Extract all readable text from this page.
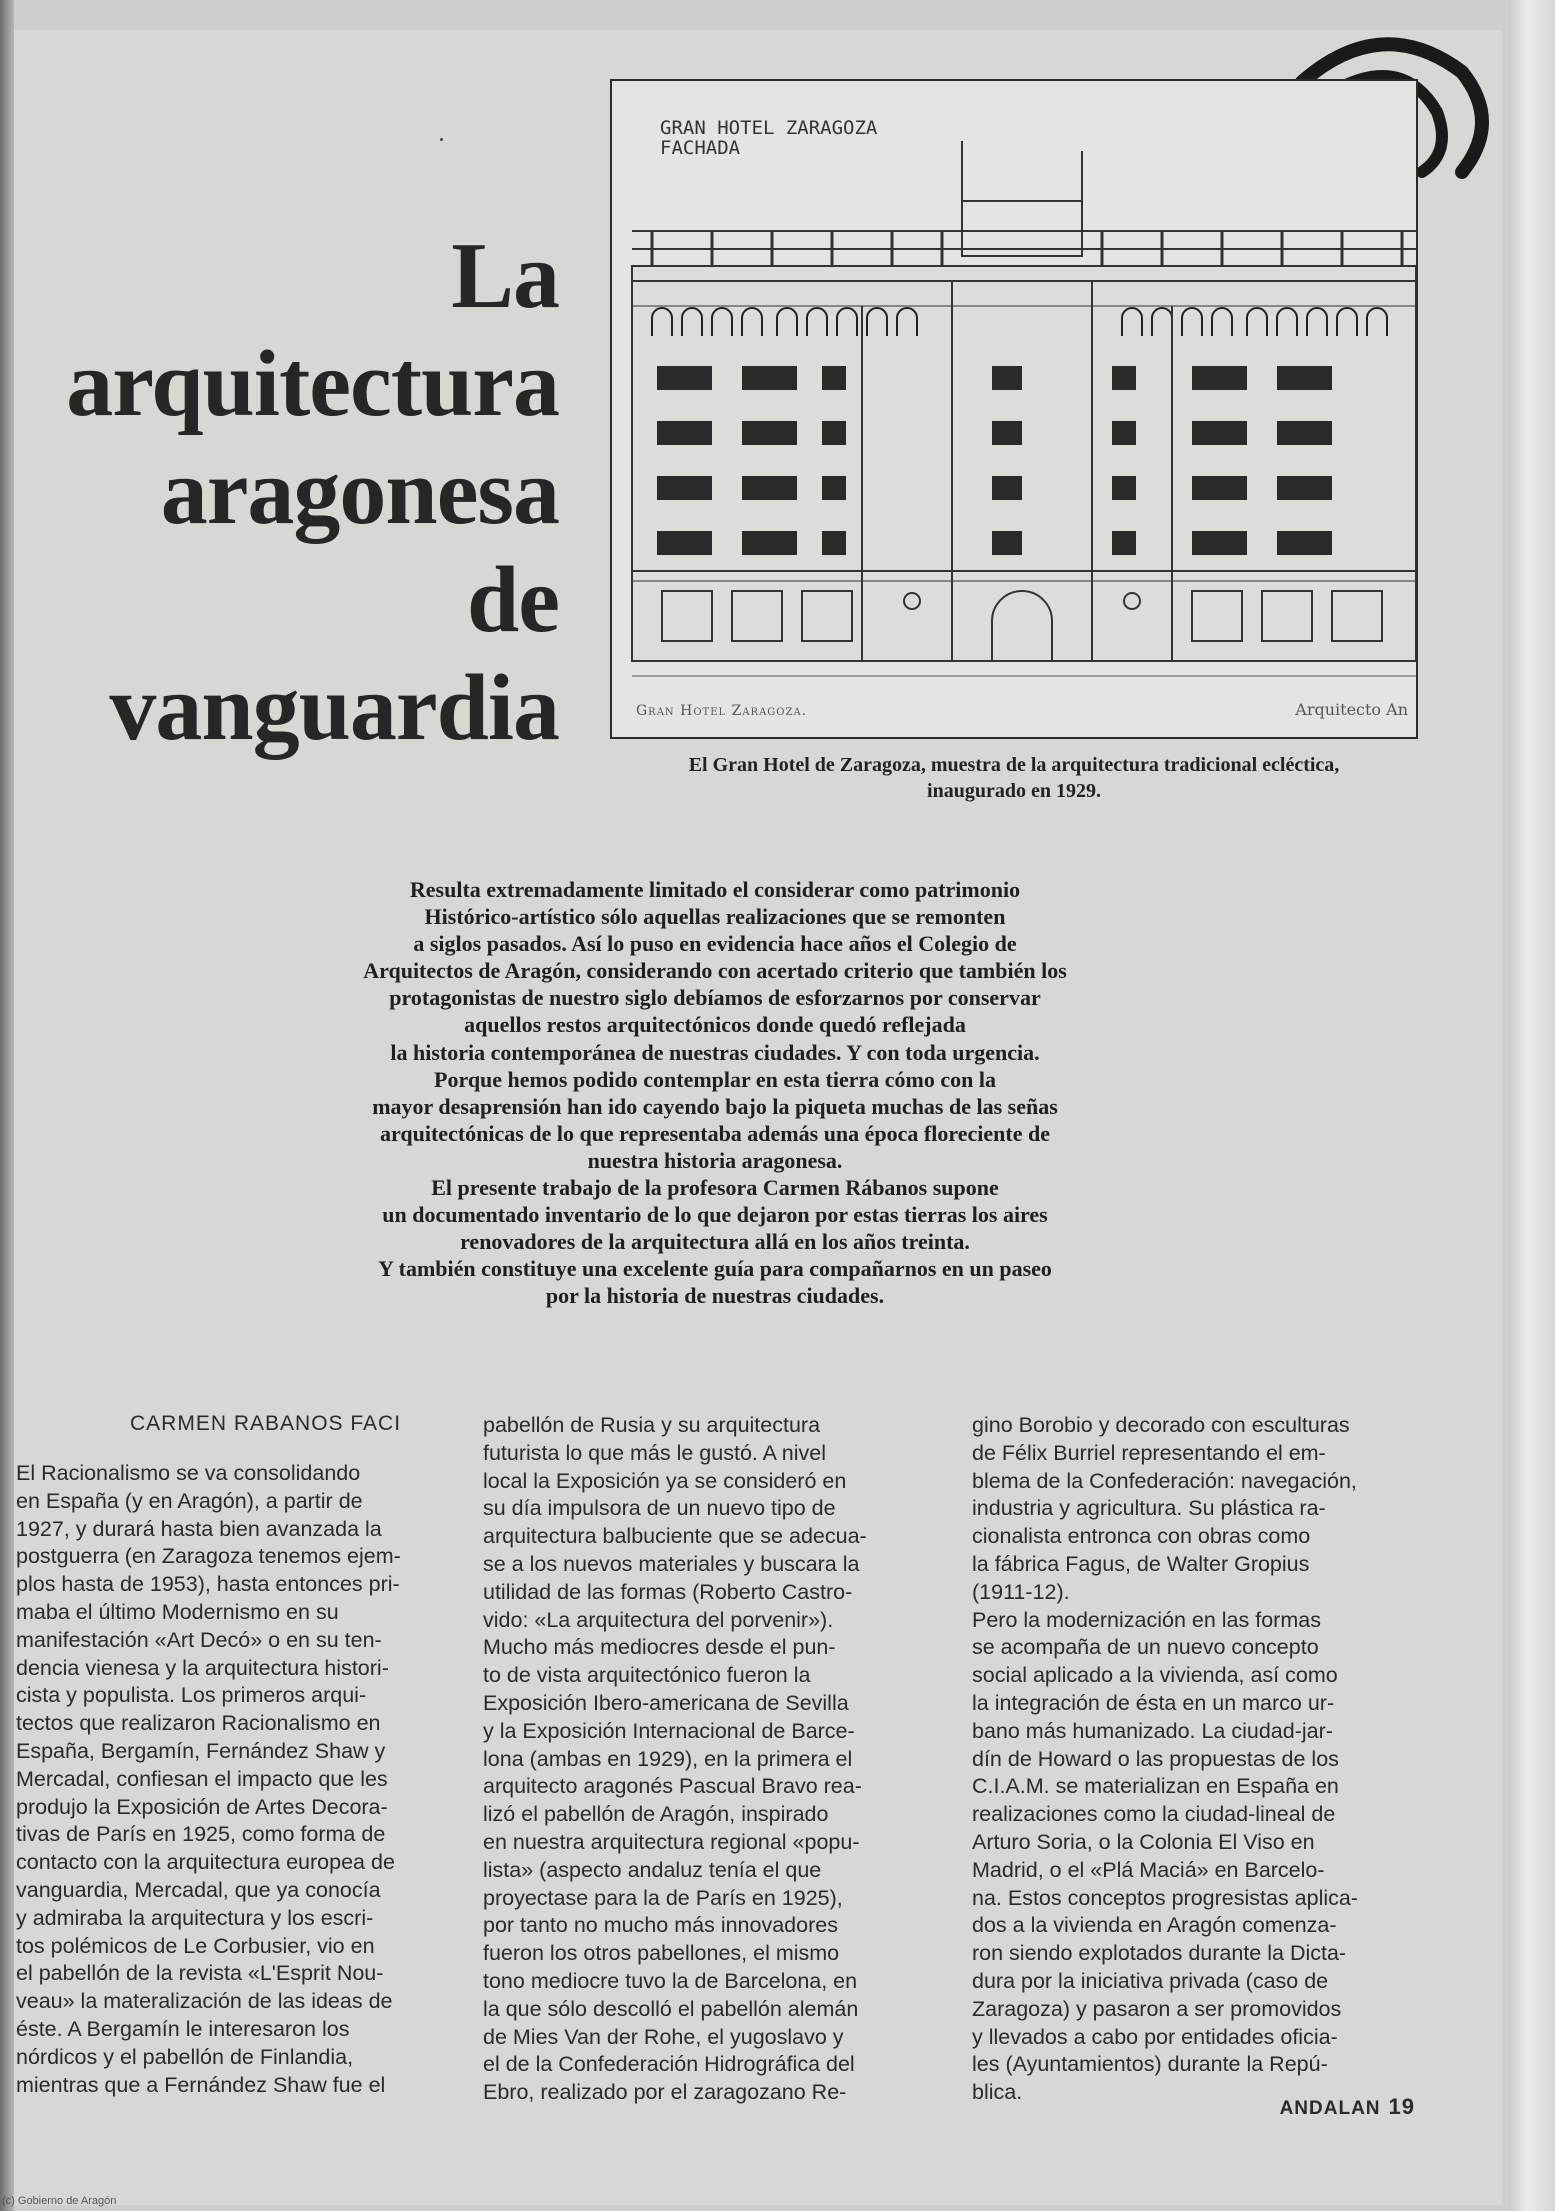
La
arquitectura
aragonesa
de
vanguardia
GRAN HOTEL ZARAGOZA
FACHADA
Gran Hotel Zaragoza.	Arquitecto An
El Gran Hotel de Zaragoza, muestra de la arquitectura tradicional ecléctica,
inaugurado en 1929.
Resulta extremadamente limitado el considerar como patrimonio
Histórico-artístico sólo aquellas realizaciones que se remonten
a siglos pasados. Así lo puso en evidencia hace años el Colegio de
Arquitectos de Aragón, considerando con acertado criterio que también los
protagonistas de nuestro siglo debíamos de esforzarnos por conservar
aquellos restos arquitectónicos donde quedó reflejada
la historia contemporánea de nuestras ciudades. Y con toda urgencia.
Porque hemos podido contemplar en esta tierra cómo con la
mayor desaprensión han ido cayendo bajo la piqueta muchas de las señas
arquitectónicas de lo que representaba además una época floreciente de
nuestra historia aragonesa.
El presente trabajo de la profesora Carmen Rábanos supone
un documentado inventario de lo que dejaron por estas tierras los aires
renovadores de la arquitectura allá en los años treinta.
Y también constituye una excelente guía para compañarnos en un paseo
por la historia de nuestras ciudades.
CARMEN RABANOS FACI
El Racionalismo se va consolidando
en España (y en Aragón), a partir de
1927, y durará hasta bien avanzada la
postguerra (en Zaragoza tenemos ejem-
plos hasta de 1953), hasta entonces pri-
maba el último Modernismo en su
manifestación «Art Decó» o en su ten-
dencia vienesa y la arquitectura histori-
cista y populista. Los primeros arqui-
tectos que realizaron Racionalismo en
España, Bergamín, Fernández Shaw y
Mercadal, confiesan el impacto que les
produjo la Exposición de Artes Decora-
tivas de París en 1925, como forma de
contacto con la arquitectura europea de
vanguardia, Mercadal, que ya conocía
y admiraba la arquitectura y los escri-
tos polémicos de Le Corbusier, vio en
el pabellón de la revista «L'Esprit Nou-
veau» la materalización de las ideas de
éste. A Bergamín le interesaron los
nórdicos y el pabellón de Finlandia,
mientras que a Fernández Shaw fue el
pabellón de Rusia y su arquitectura
futurista lo que más le gustó. A nivel
local la Exposición ya se consideró en
su día impulsora de un nuevo tipo de
arquitectura balbuciente que se adecua-
se a los nuevos materiales y buscara la
utilidad de las formas (Roberto Castro-
vido: «La arquitectura del porvenir»).
Mucho más mediocres desde el pun-
to de vista arquitectónico fueron la
Exposición Ibero-americana de Sevilla
y la Exposición Internacional de Barce-
lona (ambas en 1929), en la primera el
arquitecto aragonés Pascual Bravo rea-
lizó el pabellón de Aragón, inspirado
en nuestra arquitectura regional «popu-
lista» (aspecto andaluz tenía el que
proyectase para la de París en 1925),
por tanto no mucho más innovadores
fueron los otros pabellones, el mismo
tono mediocre tuvo la de Barcelona, en
la que sólo descolló el pabellón alemán
de Mies Van der Rohe, el yugoslavo y
el de la Confederación Hidrográfica del
Ebro, realizado por el zaragozano Re-
gino Borobio y decorado con esculturas
de Félix Burriel representando el em-
blema de la Confederación: navegación,
industria y agricultura. Su plástica ra-
cionalista entronca con obras como
la fábrica Fagus, de Walter Gropius
(1911-12).
Pero la modernización en las formas
se acompaña de un nuevo concepto
social aplicado a la vivienda, así como
la integración de ésta en un marco ur-
bano más humanizado. La ciudad-jar-
dín de Howard o las propuestas de los
C.I.A.M. se materializan en España en
realizaciones como la ciudad-lineal de
Arturo Soria, o la Colonia El Viso en
Madrid, o el «Plá Maciá» en Barcelo-
na. Estos conceptos progresistas aplica-
dos a la vivienda en Aragón comenza-
ron siendo explotados durante la Dicta-
dura por la iniciativa privada (caso de
Zaragoza) y pasaron a ser promovidos
y llevados a cabo por entidades oficia-
les (Ayuntamientos) durante la Repú-
blica.
ANDALAN 19
(c) Gobierno de Aragón
